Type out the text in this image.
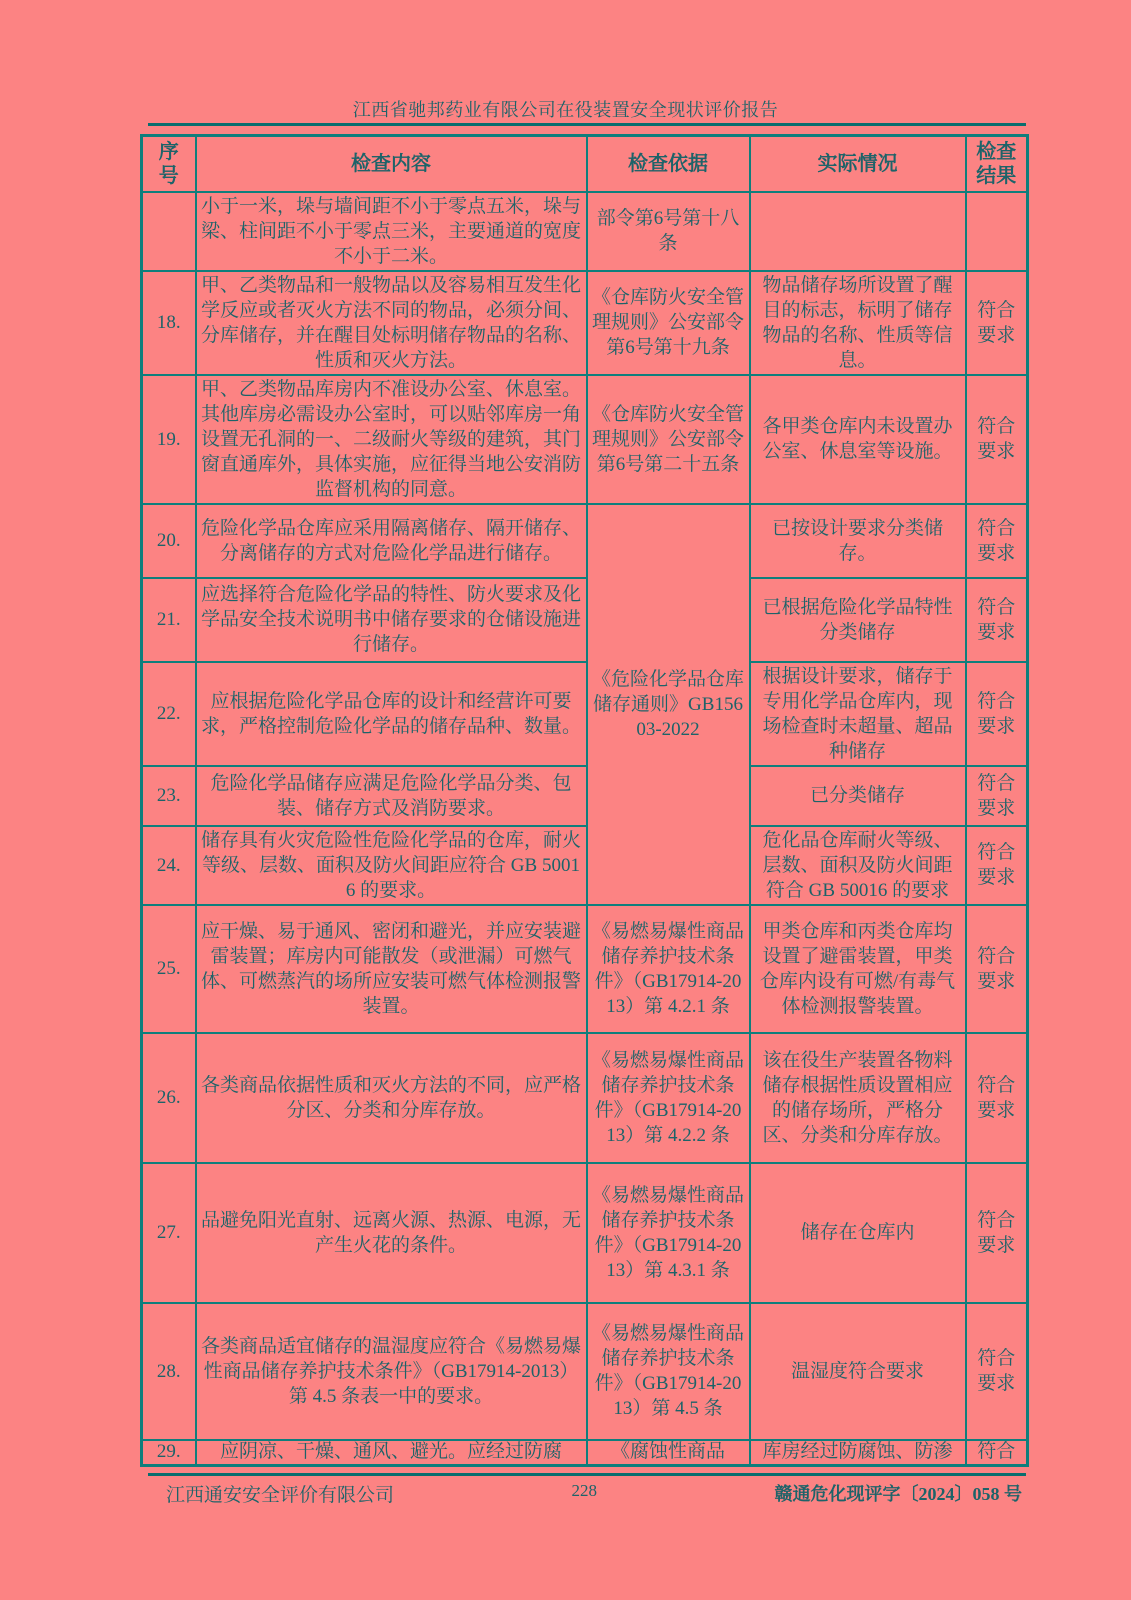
江西省驰邦药业有限公司在役装置安全现状评价报告
序号	检查内容	检查依据	实际情况	检查结果
	小于一米，垛与墙间距不小于零点五米，垛与梁、柱间距不小于零点三米，主要通道的宽度不小于二米。	部令第6号第十八条		
18.	甲、乙类物品和一般物品以及容易相互发生化学反应或者灭火方法不同的物品，必须分间、分库储存，并在醒目处标明储存物品的名称、性质和灭火方法。	《仓库防火安全管理规则》公安部令第6号第十九条	物品储存场所设置了醒目的标志，标明了储存物品的名称、性质等信息。	符合要求
19.	甲、乙类物品库房内不准设办公室、休息室。其他库房必需设办公室时，可以贴邻库房一角设置无孔洞的一、二级耐火等级的建筑，其门窗直通库外，具体实施，应征得当地公安消防监督机构的同意。	《仓库防火安全管理规则》公安部令第6号第二十五条	各甲类仓库内未设置办公室、休息室等设施。	符合要求
20.	危险化学品仓库应采用隔离储存、隔开储存、分离储存的方式对危险化学品进行储存。	《危险化学品仓库储存通则》GB15603-2022	已按设计要求分类储存。	符合要求
21.	应选择符合危险化学品的特性、防火要求及化学品安全技术说明书中储存要求的仓储设施进行储存。		已根据危险化学品特性分类储存	符合要求
22.	应根据危险化学品仓库的设计和经营许可要求，严格控制危险化学品的储存品种、数量。		根据设计要求，储存于专用化学品仓库内，现场检查时未超量、超品种储存	符合要求
23.	危险化学品储存应满足危险化学品分类、包装、储存方式及消防要求。		已分类储存	符合要求
24.	储存具有火灾危险性危险化学品的仓库，耐火等级、层数、面积及防火间距应符合 GB 50016 的要求。		危化品仓库耐火等级、层数、面积及防火间距符合 GB 50016 的要求	符合要求
25.	应干燥、易于通风、密闭和避光，并应安装避雷装置；库房内可能散发（或泄漏）可燃气体、可燃蒸汽的场所应安装可燃气体检测报警装置。	《易燃易爆性商品储存养护技术条件》（GB17914-2013）第 4.2.1 条	甲类仓库和丙类仓库均设置了避雷装置，甲类仓库内设有可燃/有毒气体检测报警装置。	符合要求
26.	各类商品依据性质和灭火方法的不同，应严格分区、分类和分库存放。	《易燃易爆性商品储存养护技术条件》（GB17914-2013）第 4.2.2 条	该在役生产装置各物料储存根据性质设置相应的储存场所，严格分区、分类和分库存放。	符合要求
27.	品避免阳光直射、远离火源、热源、电源，无产生火花的条件。	《易燃易爆性商品储存养护技术条件》（GB17914-2013）第 4.3.1 条	储存在仓库内	符合要求
28.	各类商品适宜储存的温湿度应符合《易燃易爆性商品储存养护技术条件》（GB17914-2013）第 4.5 条表一中的要求。	《易燃易爆性商品储存养护技术条件》（GB17914-2013）第 4.5 条	温湿度符合要求	符合要求
29.	应阴凉、干燥、通风、避光。应经过防腐	《腐蚀性商品	库房经过防腐蚀、防渗	符合
江西通安安全评价有限公司	228	赣通危化现评字〔2024〕058 号
